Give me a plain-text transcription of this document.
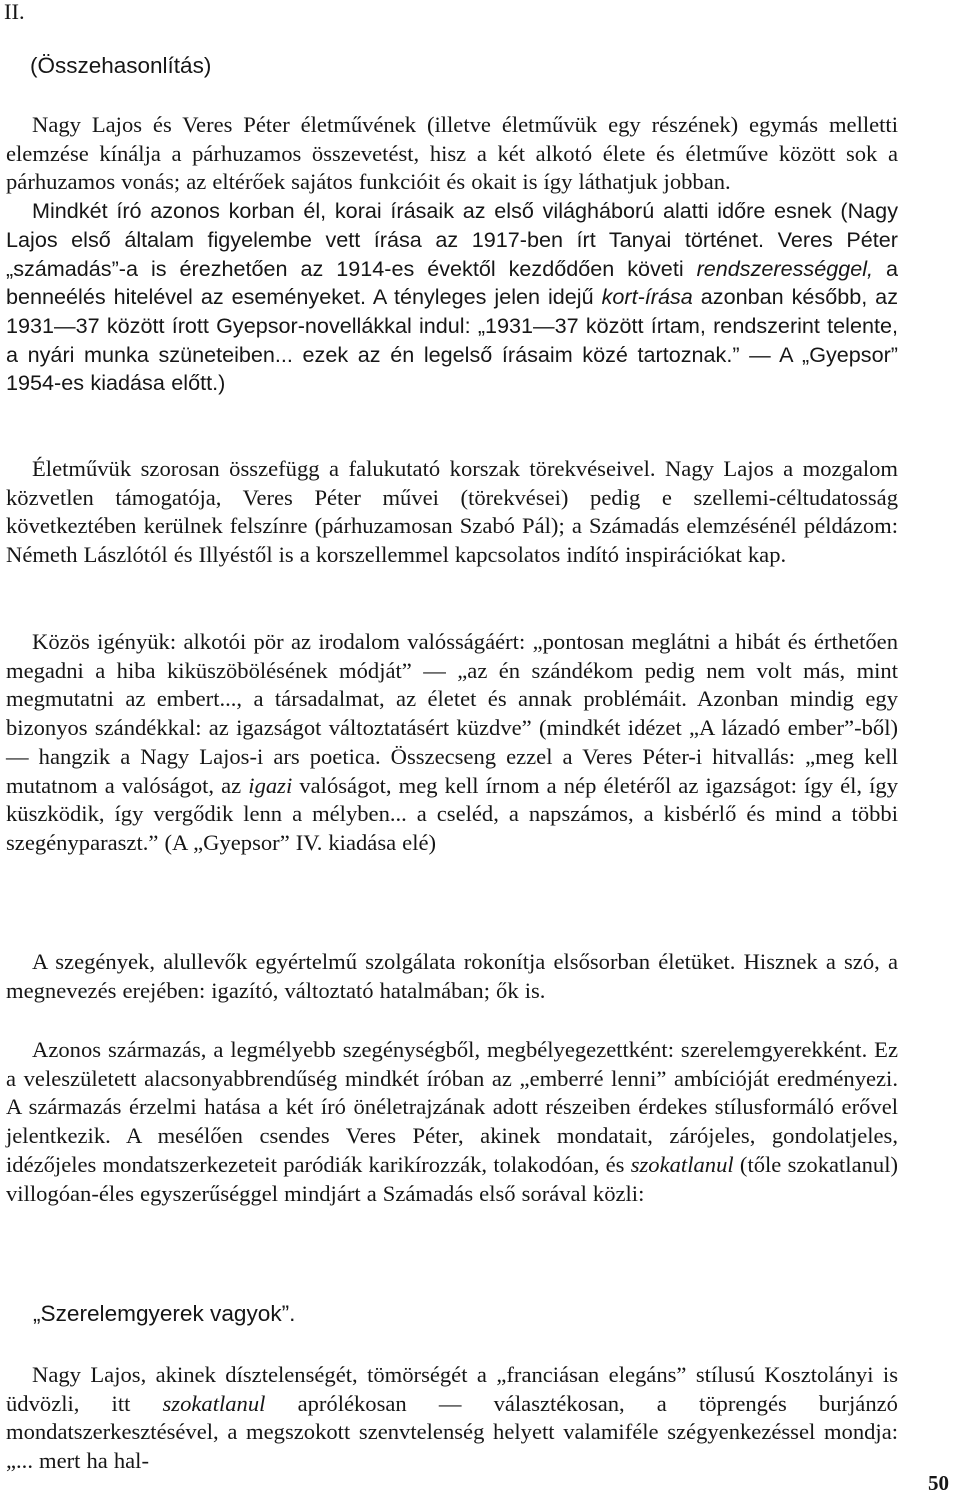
II.
(Összehasonlítás)

Nagy Lajos és Veres Péter életművének (illetve életművük egy részének) egymás melletti elemzése kínálja a párhuzamos összevetést, hisz a két alkotó élete és életműve között sok a párhuzamos vonás; az eltérőek sajátos funkcióit és okait is így láthatjuk jobban.

Mindkét író azonos korban él, korai írásaik az első világháború alatti időre esnek (Nagy Lajos első általam figyelembe vett írása az 1917-ben írt Tanyai történet. Veres Péter „számadás”-a is érezhetően az 1914-es évektől kezdődően követi rendszerességgel, a benneélés hitelével az eseményeket. A tényleges jelen idejű kort-írása azonban később, az 1931—37 között írott Gyepsor-novellákkal indul: „1931—37 között írtam, rendszerint telente, a nyári munka szüneteiben... ezek az én legelső írásaim közé tartoznak.” — A „Gyepsor” 1954-es kiadása előtt.)

Életművük szorosan összefügg a falukutató korszak törekvéseivel. Nagy Lajos a mozgalom közvetlen támogatója, Veres Péter művei (törekvései) pedig e szellemi-céltudatosság következtében kerülnek felszínre (párhuzamosan Szabó Pál); a Számadás elemzésénél példázom: Németh Lászlótól és Illyéstől is a korszellemmel kapcsolatos indító inspirációkat kap.
Közös igényük: alkotói pör az irodalom valósságáért: „pontosan meglátni a hibát és érthetően megadni a hiba kiküszöbölésének módját” — „az én szándékom pedig nem volt más, mint megmutatni az embert..., a társadalmat, az életet és annak problémáit. Azonban mindig egy bizonyos szándékkal: az igazságot változtatásért küzdve” (mindkét idézet „A lázadó ember”-ből) — hangzik a Nagy Lajos-i ars poetica. Összecseng ezzel a Veres Péter-i hitvallás: „meg kell mutatnom a valóságot, az igazi valóságot, meg kell írnom a nép életéről az igazságot: így él, így küszködik, így vergődik lenn a mélyben... a cseléd, a napszámos, a kisbérlő és mind a többi szegényparaszt.” (A „Gyepsor” IV. kiadása elé)
A szegények, alullevők egyértelmű szolgálata rokonítja elsősorban életüket. Hisznek a szó, a megnevezés erejében: igazító, változtató hatalmában; ők is.
Azonos származás, a legmélyebb szegénységből, megbélyegezettként: szerelemgyerekként. Ez a veleszületett alacsonyabbrendűség mindkét íróban az „emberré lenni” ambícióját eredményezi. A származás érzelmi hatása a két író önéletrajzának adott részeiben érdekes stílusformáló erővel jelentkezik. A mesélően csendes Veres Péter, akinek mondatait, zárójeles, gondolatjeles, idézőjeles mondatszerkezeteit paródiák karikírozzák, tolakodóan, és szokatlanul (tőle szokatlanul) villogóan-éles egyszerűséggel mindjárt a Számadás első sorával közli:
„Szerelemgyerek vagyok”.
Nagy Lajos, akinek dísztelenségét, tömörségét a „franciásan elegáns” stílusú Kosztolányi is üdvözli, itt szokatlanul aprólékosan — választékosan, a töprengés burjánzó mondatszerkesztésével, a megszokott szenvtelenség helyett valamiféle szégyenkezéssel mondja: „... mert ha hal-
50
